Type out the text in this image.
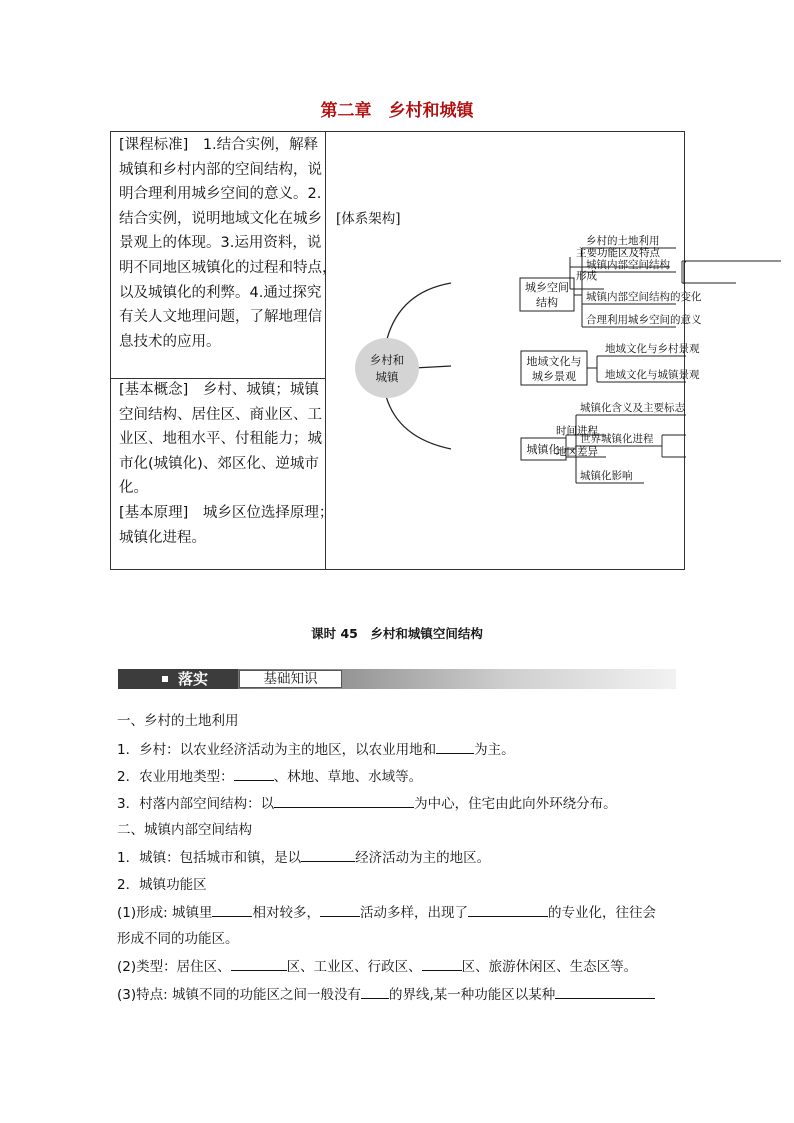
第二章　乡村和城镇
[课程标准]　1.结合实例，解释
城镇和乡村内部的空间结构，说
明合理利用城乡空间的意义。2.
结合实例，说明地域文化在城乡
景观上的体现。3.运用资料，说
明不同地区城镇化的过程和特点，
以及城镇化的利弊。4.通过探究
有关人文地理问题，了解地理信
息技术的应用。
[基本概念]　乡村、城镇；城镇
空间结构、居住区、商业区、工
业区、地租水平、付租能力；城
市化(城镇化)、郊区化、逆城市
化。
[基本原理]　城乡区位选择原理；
城镇化进程。
[体系架构]
乡村和
城镇
城乡空间
结构
乡村的土地利用
城镇内部空间结构
城镇内部空间结构的变化
合理利用城乡空间的意义
地域文化与
城乡景观
地域文化与乡村景观
地域文化与城镇景观
城镇化
城镇化含义及主要标志
世界城镇化进程
城镇化影响
主要功能区及特点
形成
时间进程
地区差异
课时 45　乡村和城镇空间结构
落实	基础知识
一、乡村的土地利用
1．乡村：以农业经济活动为主的地区，以农业用地和	为主。
2．农业用地类型：	、林地、草地、水域等。
3．村落内部空间结构：以	为中心，住宅由此向外环绕分布。
二、城镇内部空间结构
1．城镇：包括城市和镇，是以	经济活动为主的地区。
2．城镇功能区
(1)形成: 城镇里	相对较多，	活动多样，出现了	的专业化，往往会
形成不同的功能区。
(2)类型：居住区、	区、工业区、行政区、	区、旅游休闲区、生态区等。
(3)特点: 城镇不同的功能区之间一般没有 的界线,某一种功能区以某种
